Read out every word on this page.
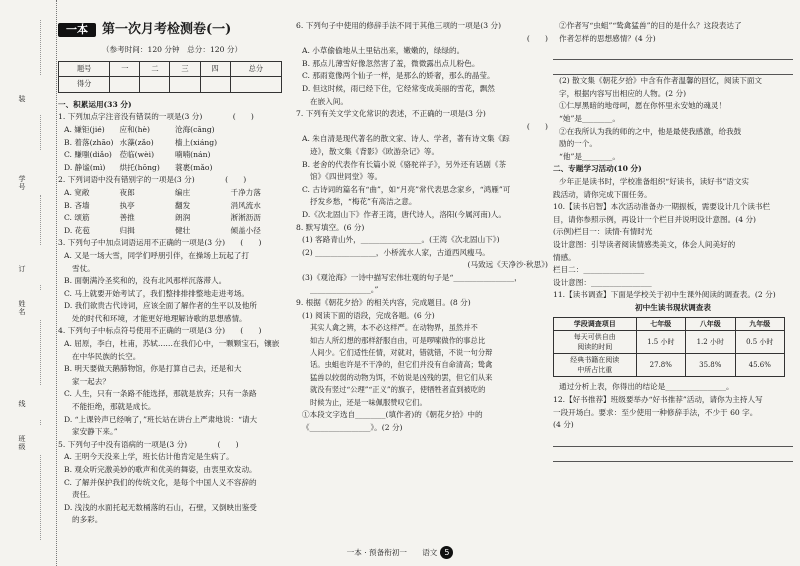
装
学号
订
姓名
线
班级
一本	第一次月考检测卷(一)
（参考时间：120 分钟　总分：120 分）
题号	一	二	三	四	总分
得分					
一、积累运用(33 分)
1. 下列加点字注音没有错误的一项是(3 分)　　　　(　　)
A. 嫌钜(jié)	应和(hè)	沧海(cāng)
B. 着落(zhāo) 水藻(zǎo)	樯上(xiáng)
C. 赚嗤(diǎo)	莅临(wèi)	喃喃(nán)
D. 静谧(mì)	烘托(hōng)	蓑裹(mǎo)
2. 下列词语中没有错别字的一项是(3 分)　　　　(　　)
A. 宽敞	夜郎	编庄	千净力落
B. 吝墙	执亭	翻发	涓风流水
C. 颂筋	善推	朗润	淅淅沥沥
D. 花苞	归揖	健壮	倾盖小径
3. 下列句子中加点词语运用不正确的一项是(3 分)　　(　　)
A. 又是一场大雪，同学们呼朋引伴，在操场上玩起了打
雪仗。
B. 面朝满泠圣奖和的，没有北风那样沉落滞人。
C. 马上就要开始考试了，我们整排排排整地走进考场。
D. 我们欲贵古代诗词，应该全面了解作者的生平以及他所
处的时代和环境，才能更好地理解诗歌的思想感情。
4. 下列句子中标点符号使用不正确的一项是(3 分)　　(　　)
A. 屈原，李白，杜甫，苏轼……在我们心中，一颗颗宝石，镶嵌
在中华民族的长空。
B. 明天要做天鹅肺物馆，你是打算自己去，还是和大
家一起去？
C. 人生，只有一条路不能选择，那就是放弃；只有一条路
不能拒绝，那就是成长。
D. “上课铃声已经响了，”班长站在讲台上严肃地说：“请大
家安静下来。”
5. 下列句子中没有语病的一项是(3 分)　　　　(　　)
A. 王明今天没来上学，班长估计他肯定是生病了。
B. 观众听完激美妙的歌声和优美的舞姿，由衷里欢发动。
C. 了解并保护我们的传统文化，是每个中国人义不容辞的
责任。
D. 浅浅的水面托起无数桶落的石山，石壁，又倒映出鉴受
的多彩。
6. 下列句子中使用的修辞手法不同于其他三项的一项是(3 分)
(　　)
A. 小草偷偷地从土里钻出来，嫩嫩的，绿绿的。
B. 那点儿薄雪好像忽然害了羞，微微露出点儿粉色。
C. 那雨竟像两个仙子一样，是那么的娇奢，那么的晶莹。
D. 但这时候，雨已经下住，它经常变成美丽的雪花，飘然
在嵌入间。
7. 下列有关文学文化常识的表述，不正确的一项是(3 分)
(　　)
A. 朱自清是现代著名的散文家、诗人、学者，著有诗文集《踪
迹》，散文集《背影》《欧游杂记》等。
B. 老舍的代表作有长篇小说《骆驼祥子》，另外还有话剧《茶
馆》《四世同堂》等。
C. 古诗词的篇名有“曲”，如“月亮”常代表思念家乡，“鸿雁”可
抒发乡愁，“梅花”有高洁之意。
D.《次北固山下》作者王湾，唐代诗人，洛阳(今属河南)人。
8. 默写填空。(6 分)
(1) 客路青山外，________________。(王湾《次北固山下》)
(2) ________________，小桥流水人家，古道西风瘦马。
(马致远《天净沙·秋思》)
(3)《观沧海》一诗中描写宏伟壮观的句子是“________________，
________________。”
9. 根据《朝花夕拾》的相关内容，完成题目。(8 分)
(1) 阅读下面的语段，完成各题。(6 分)
其实人禽之辨，本不必这样严。在动物界，虽然并不
如古人所幻想的那样舒服自由，可是啰嗦做作的事总比
人间少。它们适性任情，对就对，错就错，不说一句分辩
话。虫蛆也许是不干净的，但它们并没有自命清高；鸷禽
猛兽以较弱的动物为饵，不妨说是凶残的罢，但它们从来
就没有竖过“公理”“正义”的旗子，使牺牲者直到被吃的
时候为止，还是一味佩服赞叹它们。
①本段文字选自________(填作者)的《朝花夕拾》中的
《________________》。(2 分)
②作者写“虫蛆”“鸷禽猛兽”的目的是什么？这段表达了
作者怎样的思想感情？(4 分)
(2) 散文集《朝花夕拾》中含有作者温馨的回忆，阅读下面文
字，根据内容写出相应的人物。(2 分)
①仁厚黑暗的地母呵，愿在你怀里永安她的魂灵！
“她”是________。
②在我所认为我的师的之中，他是最使我感激，给我鼓
励的一个。
“他”是________。
二、专题学习活动(10 分)
少年正是读书时，学校准备组织“好读书，读好书”语文实
践活动，请你完成下面任务。
10.【读书启智】本次活动准备办一期振板，需要设计几个读书栏
目，请你参照示例，再设计一个栏目并说明设计意图。(4 分)
(示例)栏目一：读情·有情时光
设计意图：引导读者阅读情感类美文，体会人间美好的
情感。
栏目二：________________
设计意图：________________
11.【读书调查】下面是学校关于初中生课外阅读的调查表。(2 分)
初中生读书现状调查表
学段调查项目	七年级	八年级	九年级

每天可供自由
阅读的时间	1.5 小时	1.2 小时	0.5 小时

经典书籍在阅读
中所占比重	27.8%	35.8%	45.6%
通过分析上表，你得出的结论是________________。
12.【好书推荐】班级要举办“好书推荐”活动，请你为主持人写
一段开场白。要求：至少使用一种修辞手法，不少于 60 字。
(4 分)
一本 · 预备衔初一　　语文 5
